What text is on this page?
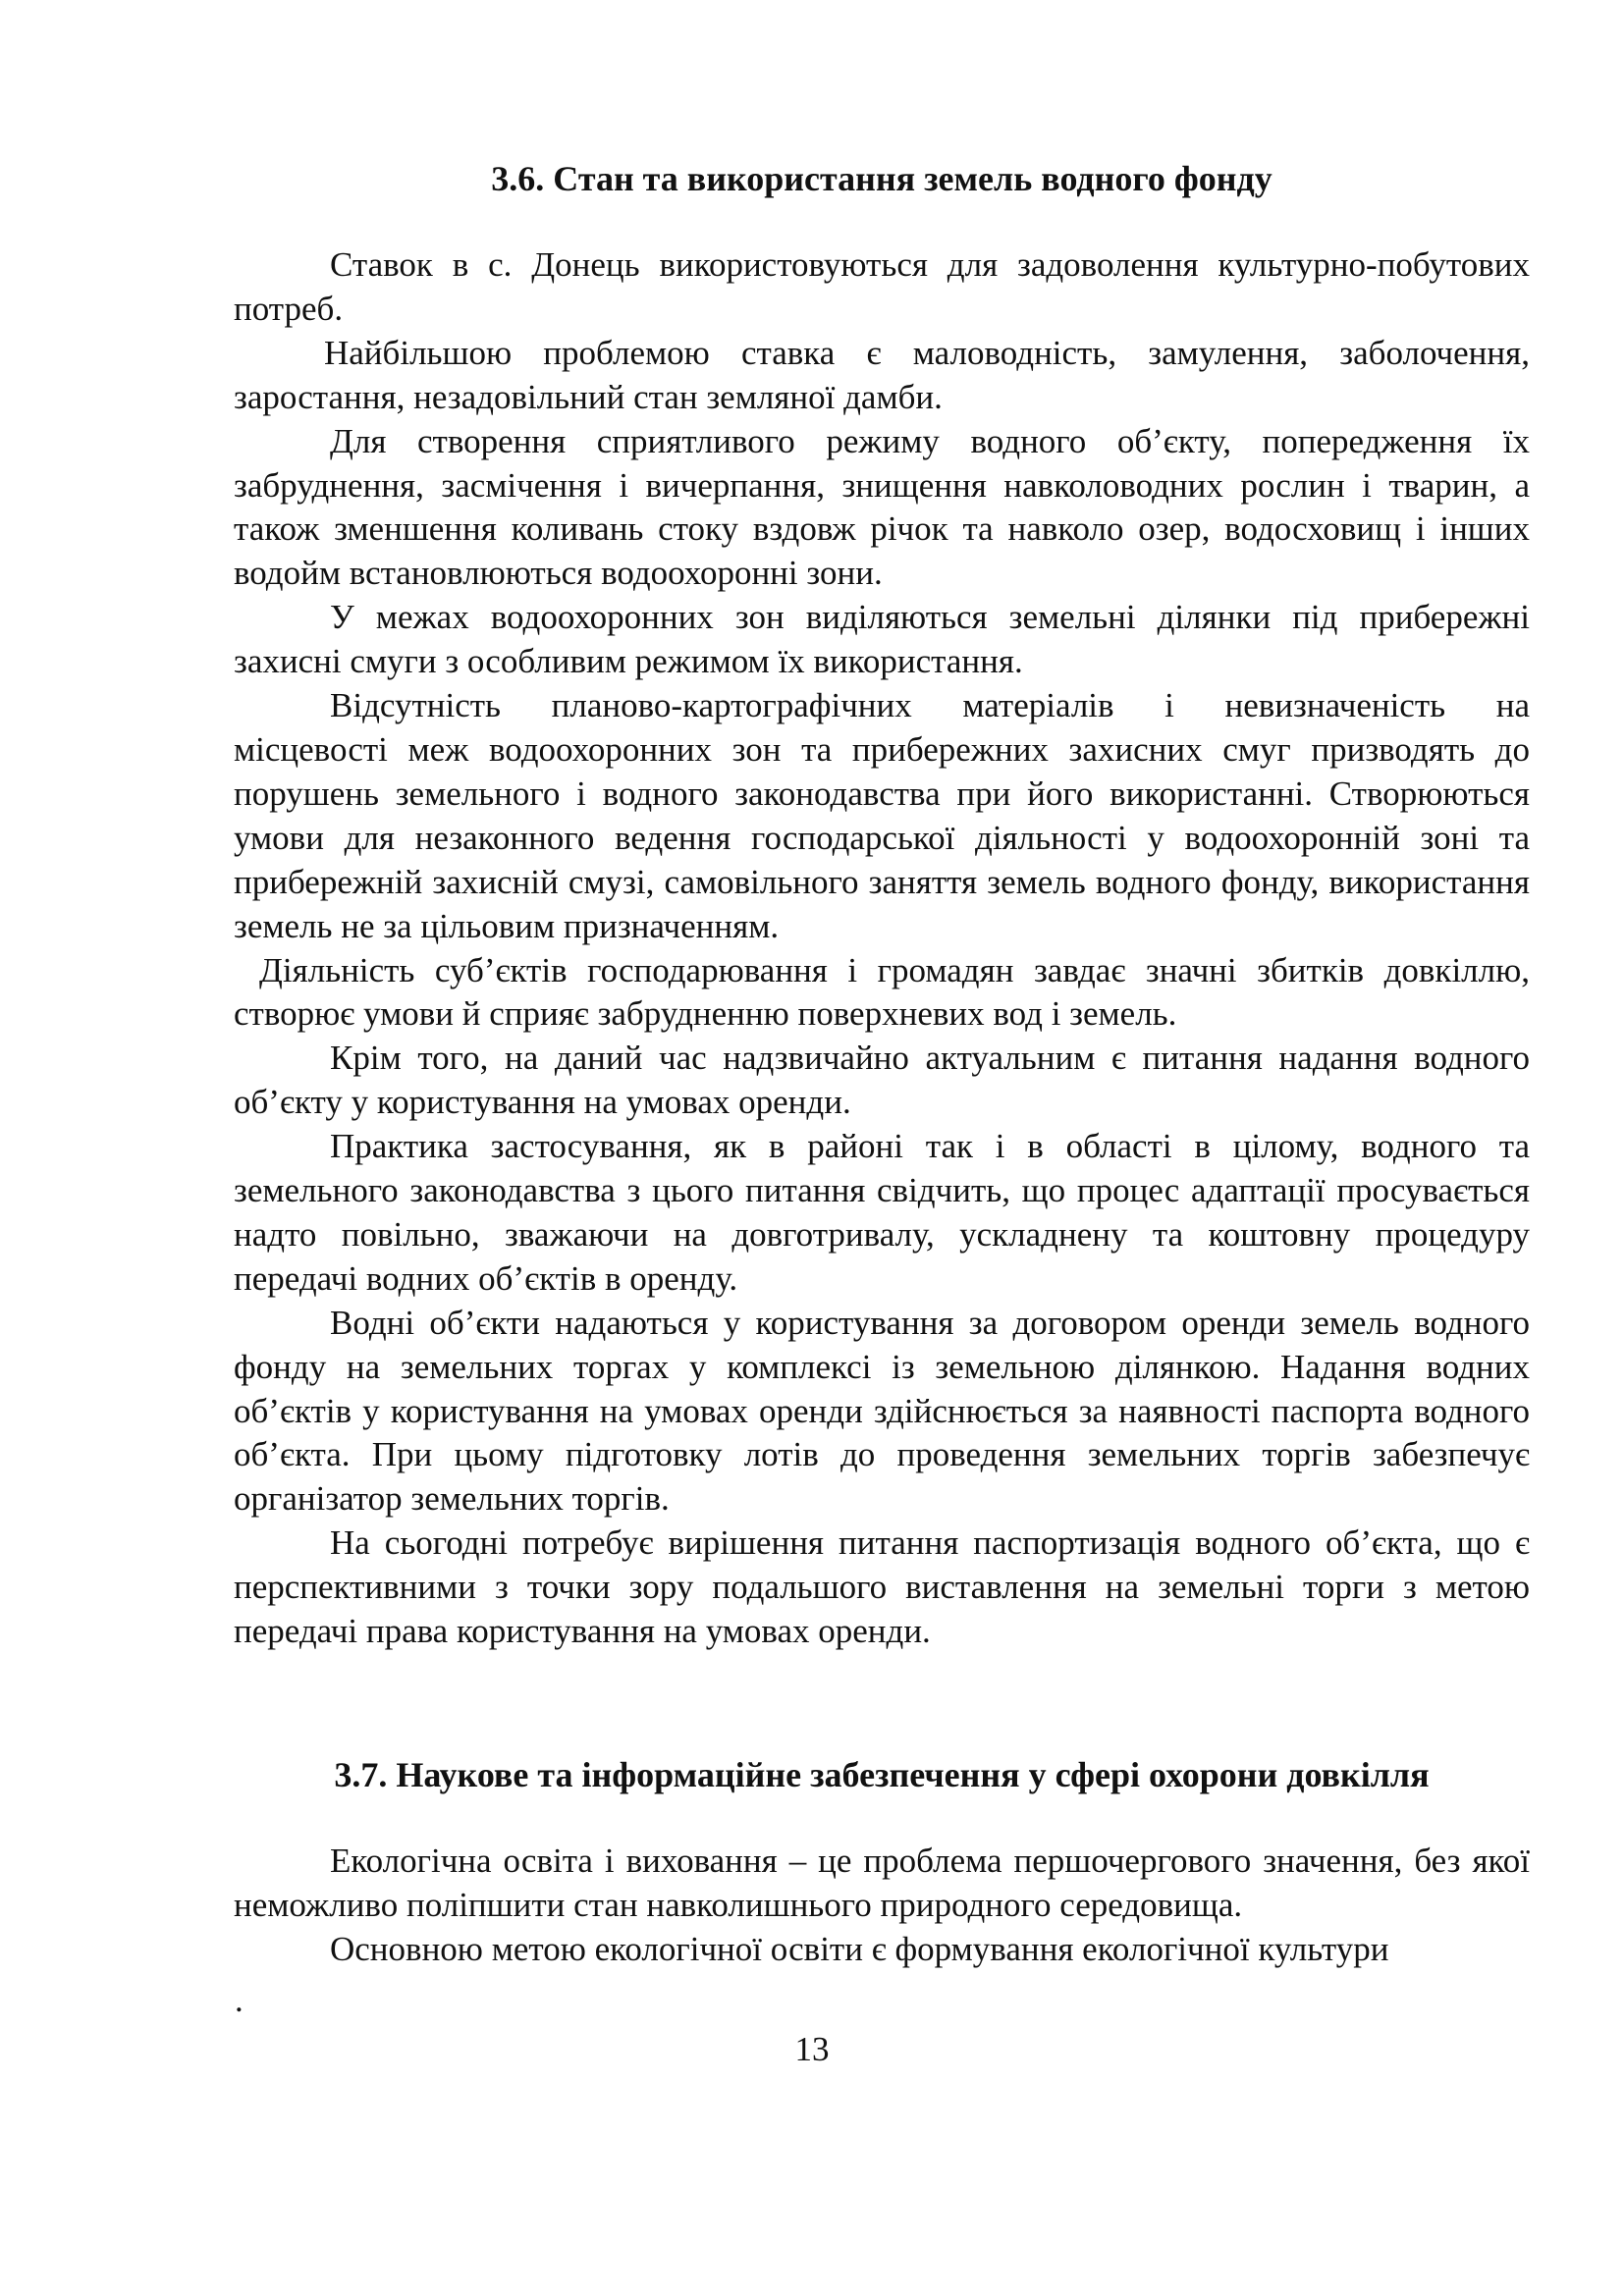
3.6. Стан та використання земель водного фонду

Ставок в с. Донець використовуються для задоволення культурно-побутових потреб.

Найбільшою проблемою ставка є маловодність, замулення, заболочення, заростання, незадовільний стан земляної дамби.

Для створення сприятливого режиму водного об’єкту, попередження їх забруднення, засмічення і вичерпання, знищення навколоводних рослин і тварин, а також зменшення коливань стоку вздовж річок та навколо озер, водосховищ і інших водойм встановлюються водоохоронні зони.

У межах водоохоронних зон виділяються земельні ділянки під прибережні захисні смуги з особливим режимом їх використання.

Відсутність планово-картографічних матеріалів і невизначеність на

місцевості меж водоохоронних зон та прибережних захисних смуг призводять до порушень земельного і водного законодавства при його використанні. Створюються умови для незаконного ведення господарської діяльності у водоохоронній зоні та прибережній захисній смузі, самовільного заняття земель водного фонду, використання земель не за цільовим призначенням.

Діяльність суб’єктів господарювання і громадян завдає значні збитків довкіллю, створює умови й сприяє забрудненню поверхневих вод і земель.

Крім того, на даний час надзвичайно актуальним є питання надання водного об’єкту у користування на умовах оренди.

Практика застосування, як в районі так і в області в цілому, водного та земельного законодавства з цього питання свідчить, що процес адаптації просувається надто повільно, зважаючи на довготривалу, ускладнену та коштовну процедуру передачі водних об’єктів в оренду.

Водні об’єкти надаються у користування за договором оренди земель водного фонду на земельних торгах у комплексі із земельною ділянкою. Надання водних об’єктів у користування на умовах оренди здійснюється за наявності паспорта водного об’єкта. При цьому підготовку лотів до проведення земельних торгів забезпечує організатор земельних торгів.

На сьогодні потребує вирішення питання паспортизація водного об’єкта, що є перспективними з точки зору подальшого виставлення на земельні торги з метою передачі права користування на умовах оренди.

3.7. Наукове та інформаційне забезпечення у сфері охорони довкілля

Екологічна освіта і виховання – це проблема першочергового значення, без якої неможливо поліпшити стан навколишнього природного середовища.

Основною метою екологічної освіти є формування екологічної культури

.
13
